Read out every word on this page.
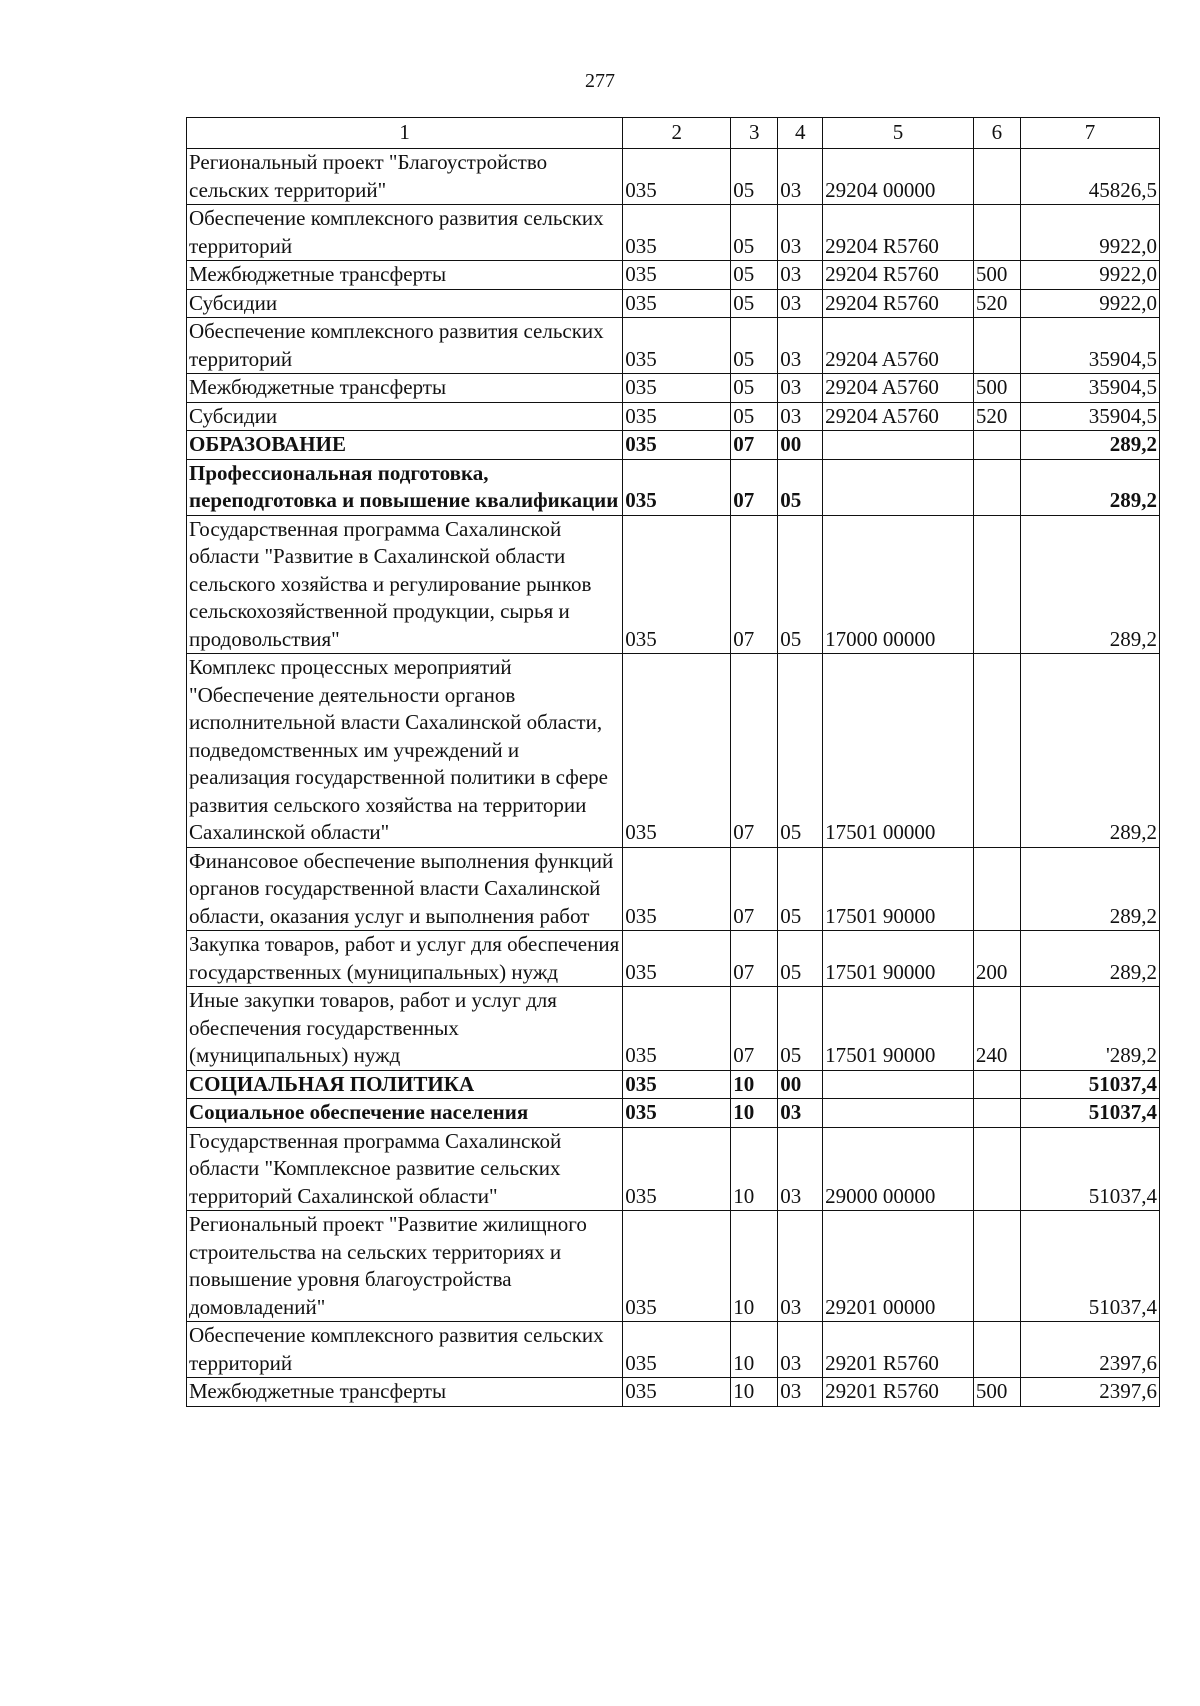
277
1	2	3	4	5	6	7
Региональный проект "Благоустройство сельских территорий"	035	05	03	29204 00000		45826,5
Обеспечение комплексного развития сельских территорий	035	05	03	29204 R5760		9922,0
Межбюджетные трансферты	035	05	03	29204 R5760	500	9922,0
Субсидии	035	05	03	29204 R5760	520	9922,0
Обеспечение комплексного развития сельских территорий	035	05	03	29204 A5760		35904,5
Межбюджетные трансферты	035	05	03	29204 A5760	500	35904,5
Субсидии	035	05	03	29204 A5760	520	35904,5
ОБРАЗОВАНИЕ	035	07	00			289,2
Профессиональная подготовка, переподготовка и повышение квалификации	035	07	05			289,2
Государственная программа Сахалинской области "Развитие в Сахалинской области сельского хозяйства и регулирование рынков сельскохозяйственной продукции, сырья и продовольствия"	035	07	05	17000 00000		289,2
Комплекс процессных мероприятий "Обеспечение деятельности органов исполнительной власти Сахалинской области, подведомственных им учреждений и реализация государственной политики в сфере развития сельского хозяйства на территории Сахалинской области"	035	07	05	17501 00000		289,2
Финансовое обеспечение выполнения функций органов государственной власти Сахалинской области, оказания услуг и выполнения работ	035	07	05	17501 90000		289,2
Закупка товаров, работ и услуг для обеспечения государственных (муниципальных) нужд	035	07	05	17501 90000	200	289,2
Иные закупки товаров, работ и услуг для обеспечения государственных (муниципальных) нужд	035	07	05	17501 90000	240	'289,2
СОЦИАЛЬНАЯ ПОЛИТИКА	035	10	00			51037,4
Социальное обеспечение населения	035	10	03			51037,4
Государственная программа Сахалинской области "Комплексное развитие сельских территорий Сахалинской области"	035	10	03	29000 00000		51037,4
Региональный проект "Развитие жилищного строительства на сельских территориях и повышение уровня благоустройства домовладений"	035	10	03	29201 00000		51037,4
Обеспечение комплексного развития сельских территорий	035	10	03	29201 R5760		2397,6
Межбюджетные трансферты	035	10	03	29201 R5760	500	2397,6
